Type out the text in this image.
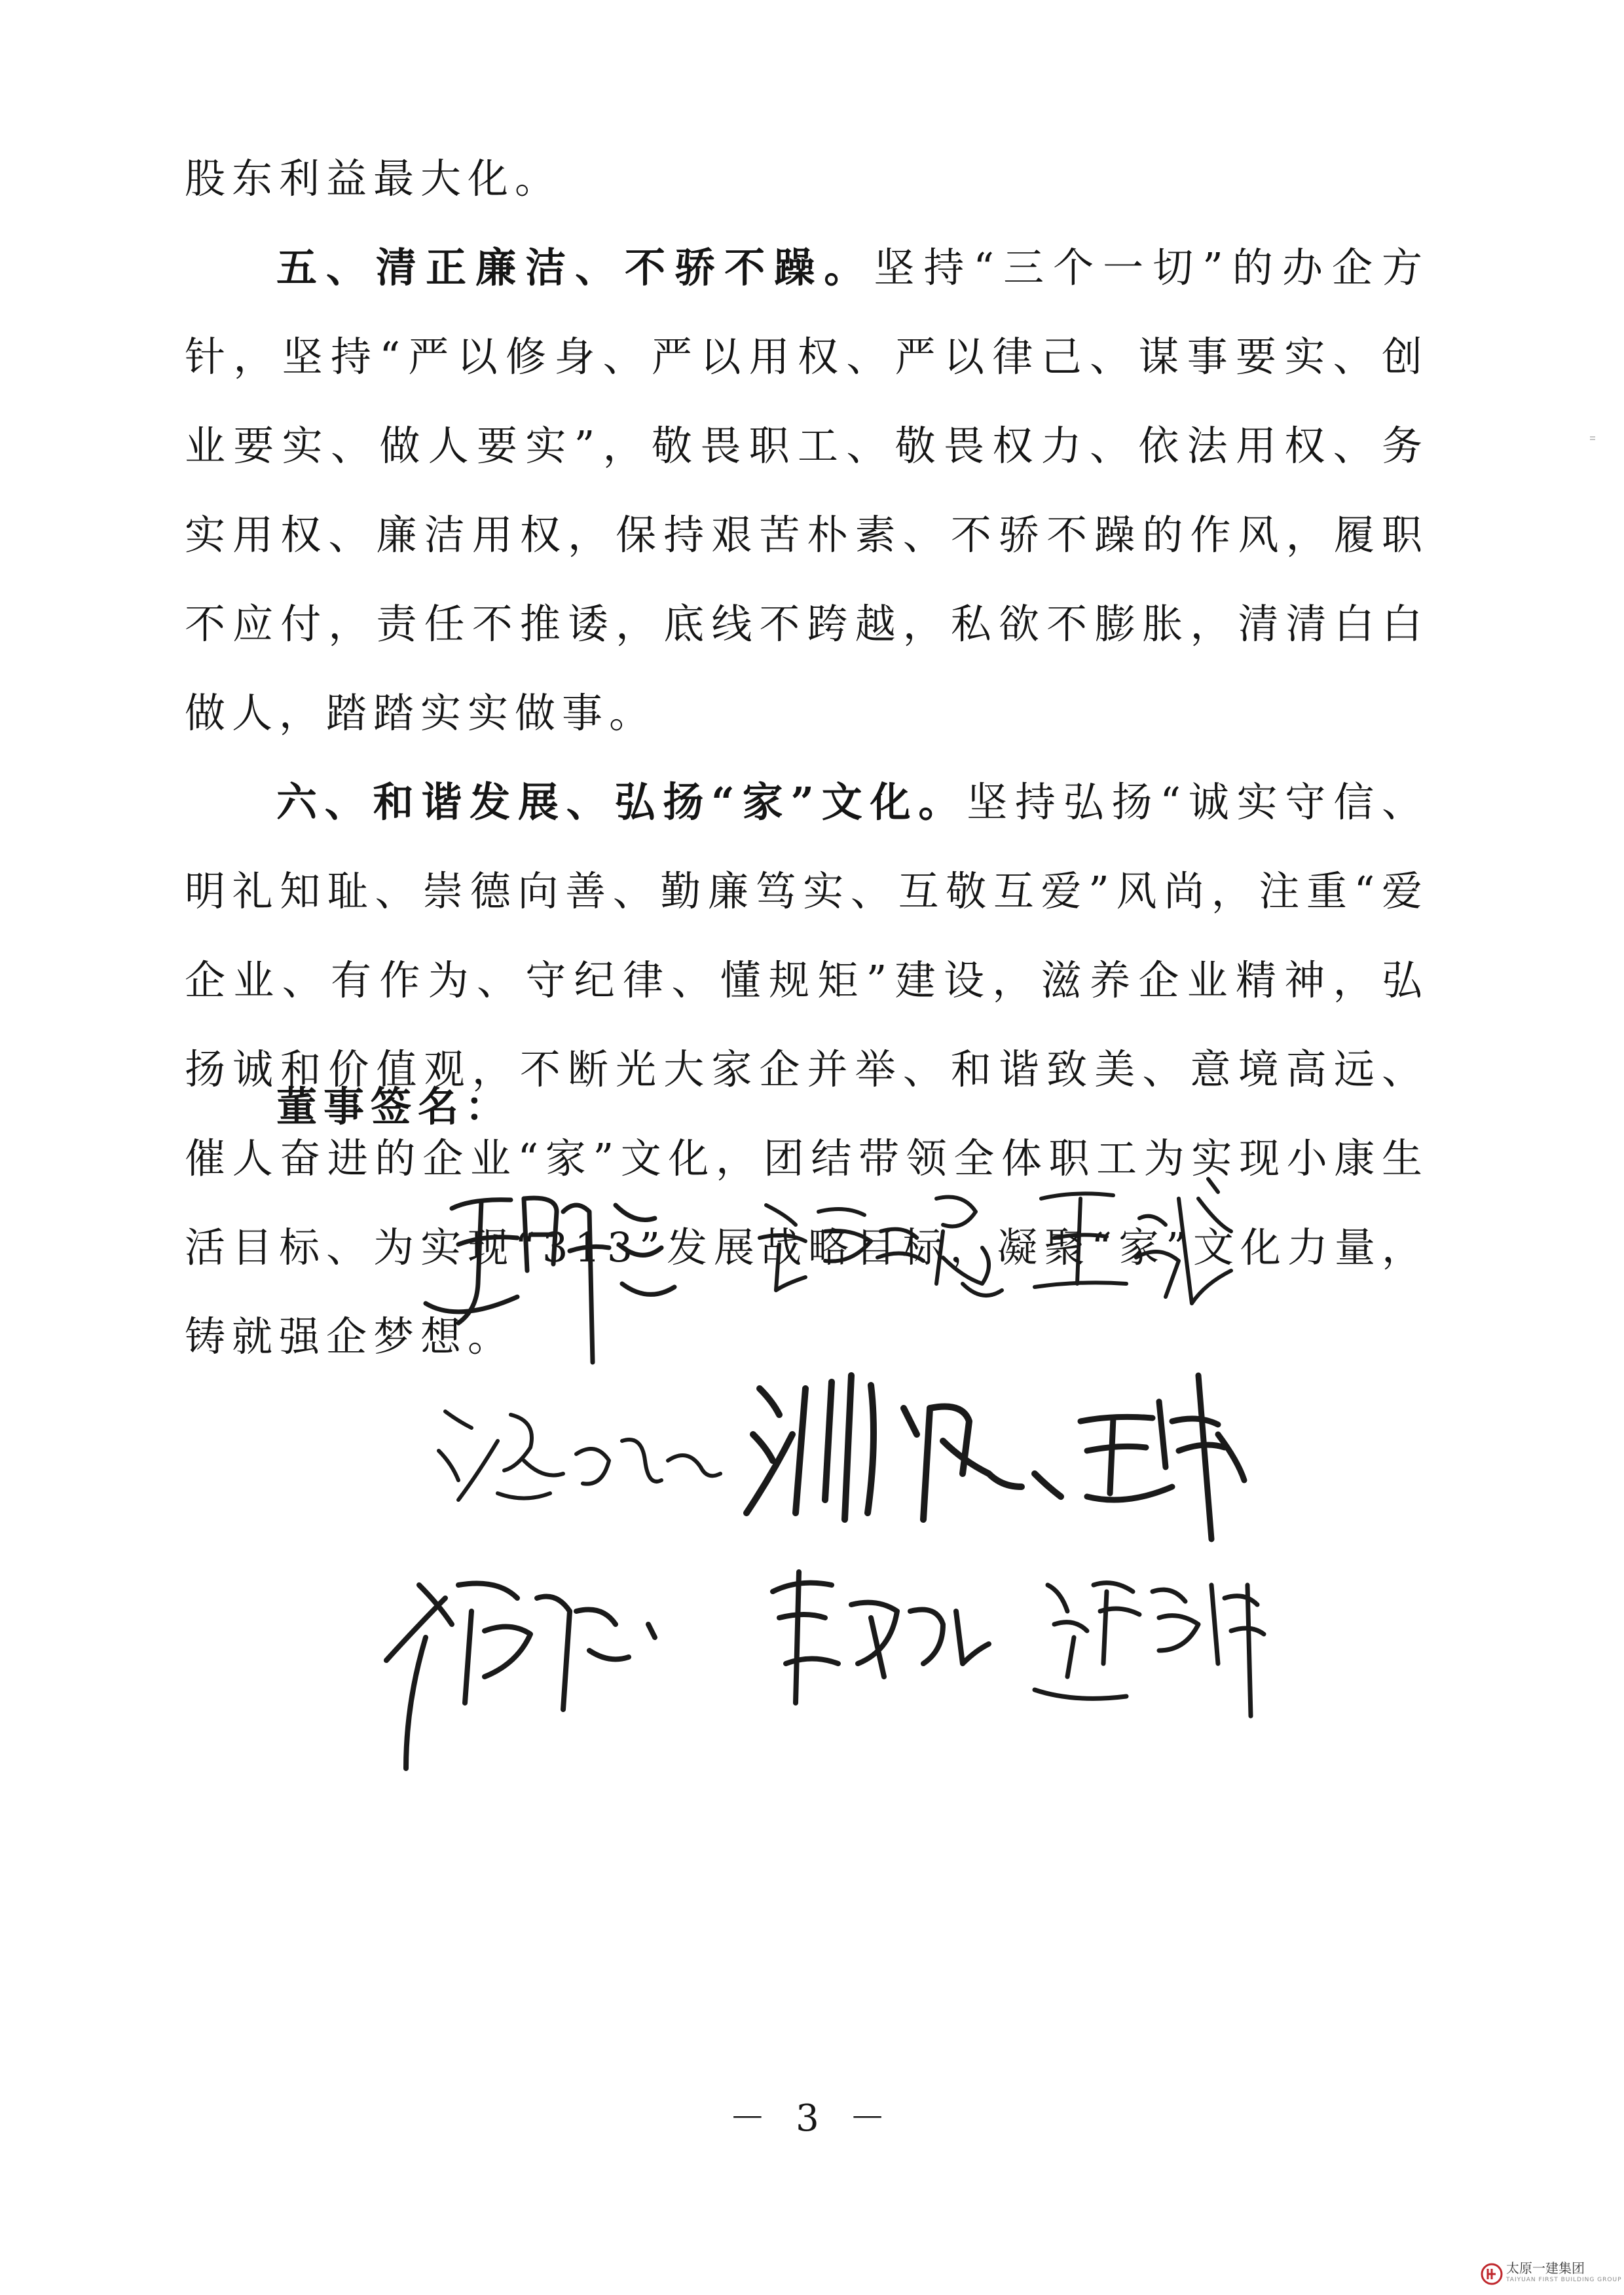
股东利益最大化。

五、清正廉洁、不骄不躁。坚持“三个一切”的办企方针，坚持“严以修身、严以用权、严以律己、谋事要实、创业要实、做人要实”，敬畏职工、敬畏权力、依法用权、务实用权、廉洁用权，保持艰苦朴素、不骄不躁的作风，履职不应付，责任不推诿，底线不跨越，私欲不膨胀，清清白白做人，踏踏实实做事。

六、和谐发展、弘扬“家”文化。坚持弘扬“诚实守信、明礼知耻、崇德向善、勤廉笃实、互敬互爱”风尚，注重“爱企业、有作为、守纪律、懂规矩”建设，滋养企业精神，弘扬诚和价值观，不断光大家企并举、和谐致美、意境高远、催人奋进的企业“家”文化，团结带领全体职工为实现小康生活目标、为实现“313”发展战略目标，凝聚“家”文化力量，铸就强企梦想。

董事签名：
－ 3 －
太原一建集团
TAIYUAN FIRST BUILDING GROUP
